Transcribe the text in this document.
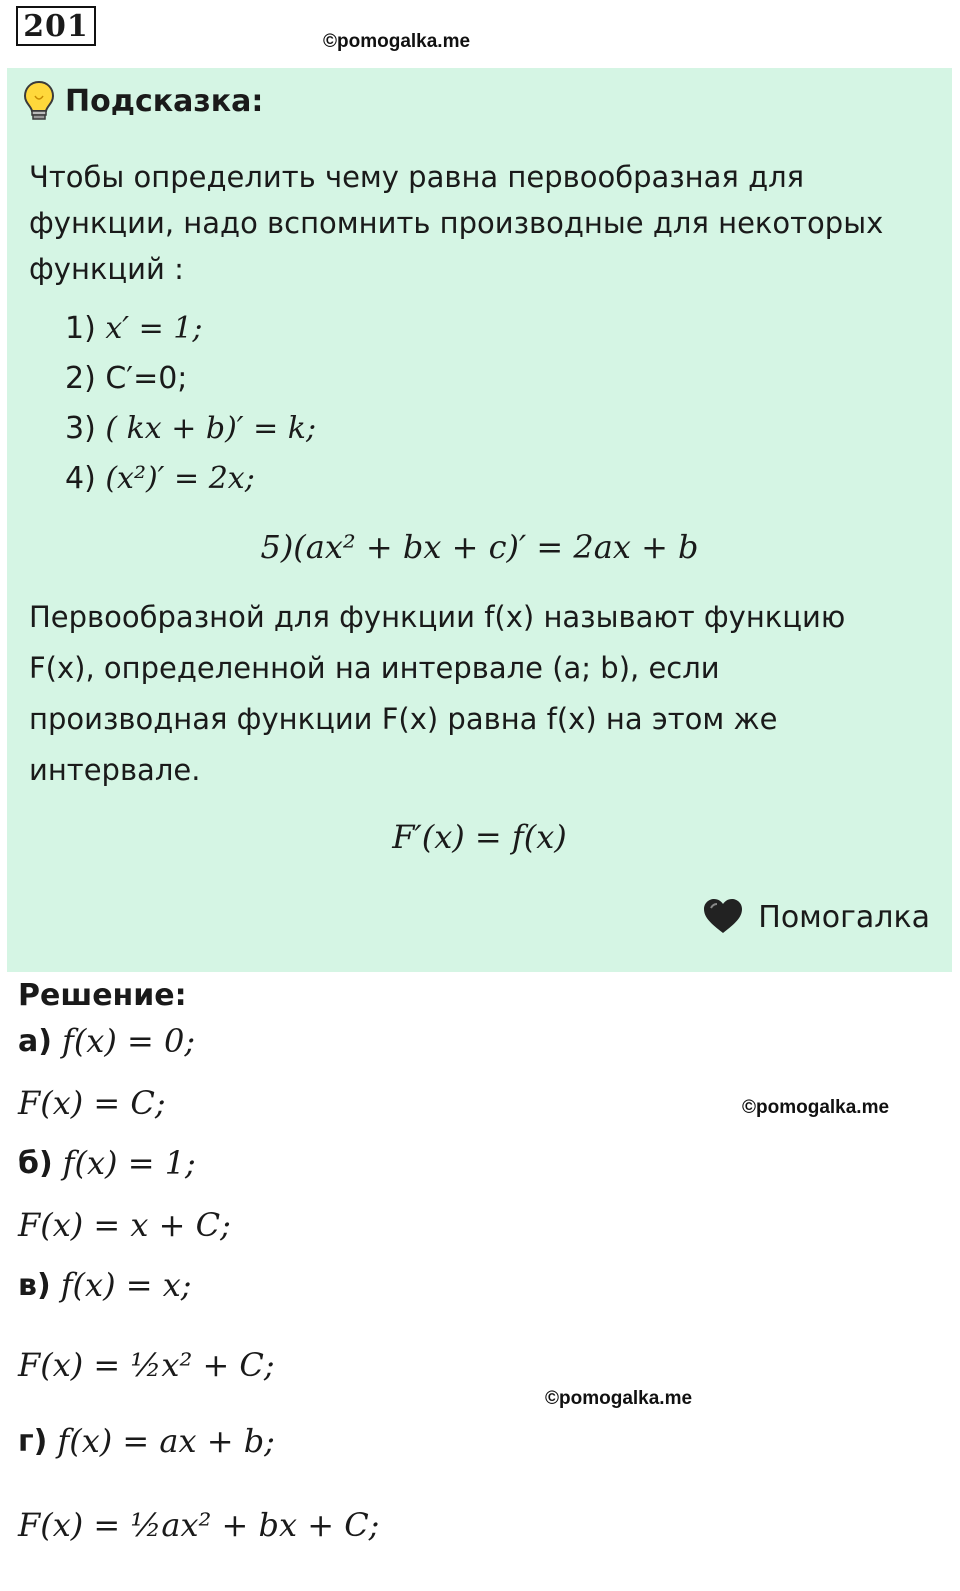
201	©pomogalka.me
Подсказка:
Чтобы определить чему равна первообразная для функции, надо вспомнить производные для некоторых функций :
1) x′ = 1;
2) C′=0;
3) ( kx + b)′ = k;
4) (x²)′ = 2x;
5)(ax² + bx + c)′ = 2ax + b
Первообразной для функции f(x) называют функцию F(x), определенной на интервале (a; b), если производная функции F(x) равна f(x) на этом же интервале.
F′(x) = f(x)
Помогалка
Решение:
а) f(x) = 0;
F(x) = C;	©pomogalka.me
б) f(x) = 1;
F(x) = x + C;
в) f(x) = x;
F(x) = ½x² + C;
©pomogalka.me
г) f(x) = ax + b;
F(x) = ½ax² + bx + C;
